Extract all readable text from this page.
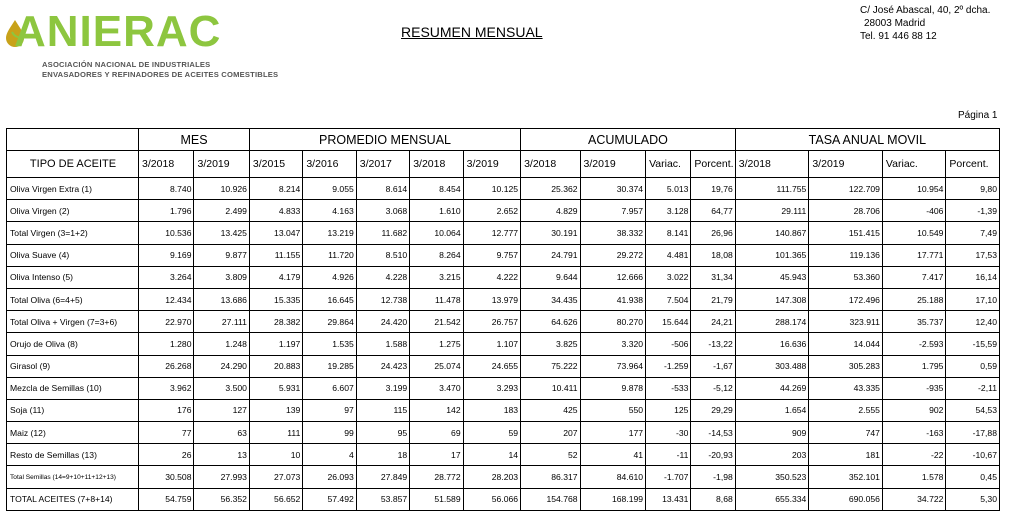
ANIERAC
ASOCIACIÓN NACIONAL DE INDUSTRIALES
ENVASADORES Y REFINADORES DE ACEITES COMESTIBLES
RESUMEN MENSUAL
C/ José Abascal, 40, 2º dcha.
28003 Madrid
Tel. 91 446 88 12
Página 1
	MES		PROMEDIO MENSUAL					ACUMULADO				TASA ANUAL MOVIL			
TIPO DE ACEITE	3/2018	3/2019	3/2015	3/2016	3/2017	3/2018	3/2019	3/2018	3/2019	Variac.	Porcent.	3/2018	3/2019	Variac.	Porcent.
Oliva Virgen Extra (1)	8.740	10.926	8.214	9.055	8.614	8.454	10.125	25.362	30.374	5.013	19,76	111.755	122.709	10.954	9,80
Oliva Virgen (2)	1.796	2.499	4.833	4.163	3.068	1.610	2.652	4.829	7.957	3.128	64,77	29.111	28.706	-406	-1,39
Total Virgen (3=1+2)	10.536	13.425	13.047	13.219	11.682	10.064	12.777	30.191	38.332	8.141	26,96	140.867	151.415	10.549	7,49
Oliva Suave (4)	9.169	9.877	11.155	11.720	8.510	8.264	9.757	24.791	29.272	4.481	18,08	101.365	119.136	17.771	17,53
Oliva Intenso (5)	3.264	3.809	4.179	4.926	4.228	3.215	4.222	9.644	12.666	3.022	31,34	45.943	53.360	7.417	16,14
Total Oliva (6=4+5)	12.434	13.686	15.335	16.645	12.738	11.478	13.979	34.435	41.938	7.504	21,79	147.308	172.496	25.188	17,10
Total Oliva + Virgen (7=3+6)	22.970	27.111	28.382	29.864	24.420	21.542	26.757	64.626	80.270	15.644	24,21	288.174	323.911	35.737	12,40
Orujo de Oliva (8)	1.280	1.248	1.197	1.535	1.588	1.275	1.107	3.825	3.320	-506	-13,22	16.636	14.044	-2.593	-15,59
Girasol (9)	26.268	24.290	20.883	19.285	24.423	25.074	24.655	75.222	73.964	-1.259	-1,67	303.488	305.283	1.795	0,59
Mezcla de Semillas (10)	3.962	3.500	5.931	6.607	3.199	3.470	3.293	10.411	9.878	-533	-5,12	44.269	43.335	-935	-2,11
Soja (11)	176	127	139	97	115	142	183	425	550	125	29,29	1.654	2.555	902	54,53
Maiz (12)	77	63	111	99	95	69	59	207	177	-30	-14,53	909	747	-163	-17,88
Resto de Semillas (13)	26	13	10	4	18	17	14	52	41	-11	-20,93	203	181	-22	-10,67
Total Semillas (14=9+10+11+12+13)	30.508	27.993	27.073	26.093	27.849	28.772	28.203	86.317	84.610	-1.707	-1,98	350.523	352.101	1.578	0,45
TOTAL ACEITES (7+8+14)	54.759	56.352	56.652	57.492	53.857	51.589	56.066	154.768	168.199	13.431	8,68	655.334	690.056	34.722	5,30
